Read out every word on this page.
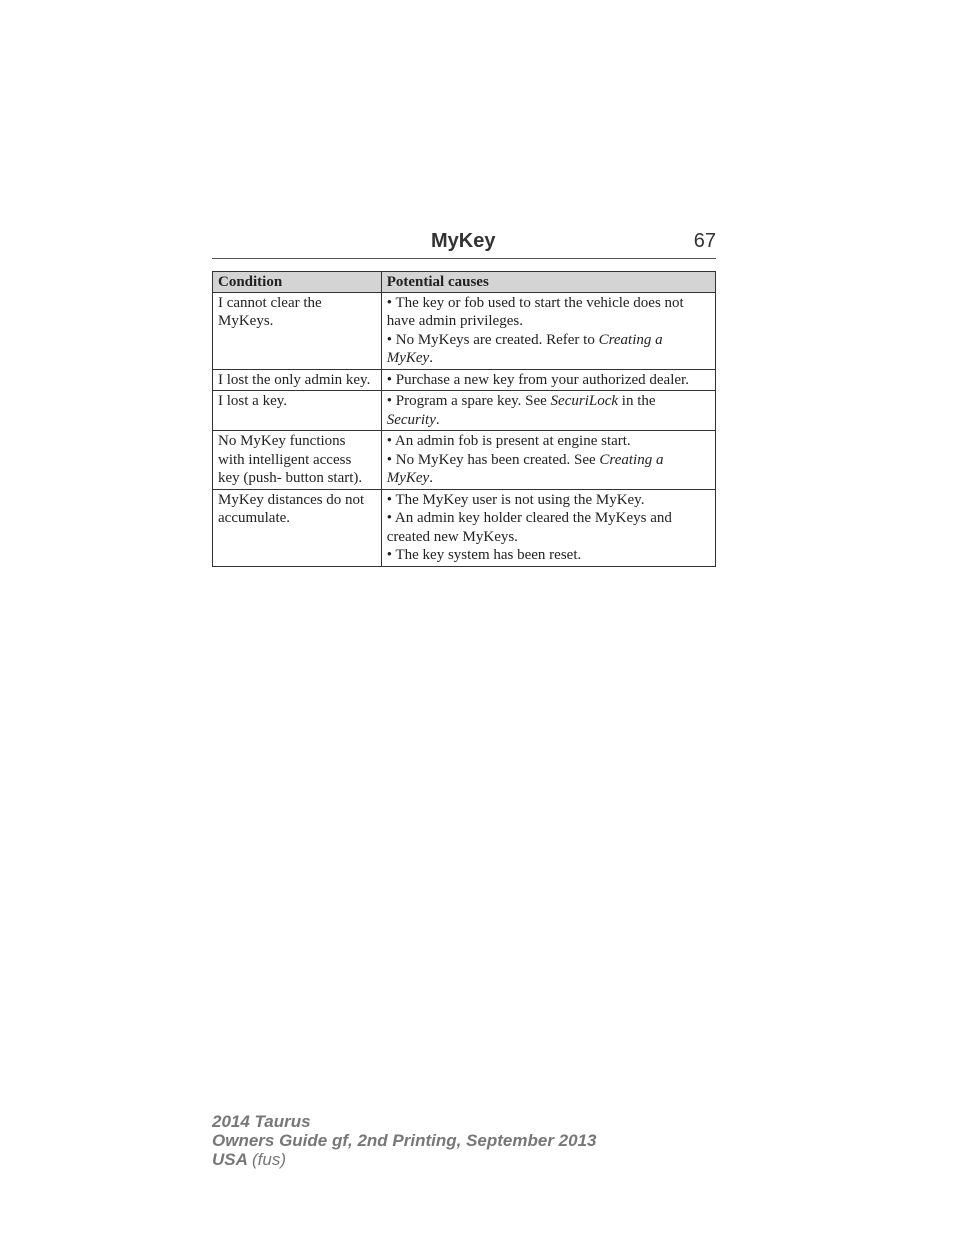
MyKey	67
Condition	Potential causes
I cannot clear the MyKeys.	• The key or fob used to start the vehicle does not have admin privileges.
• No MyKeys are created. Refer to Creating a MyKey.

I lost the only admin key.	• Purchase a new key from your authorized dealer.

I lost a key.	• Program a spare key. See SecuriLock in the Security.

No MyKey functions with intelligent access key (push- button start).	• An admin fob is present at engine start.
• No MyKey has been created. See Creating a MyKey.

MyKey distances do not accumulate.	• The MyKey user is not using the MyKey.
• An admin key holder cleared the MyKeys and created new MyKeys.
• The key system has been reset.
2014 Taurus
Owners Guide gf, 2nd Printing, September 2013
USA (fus)
